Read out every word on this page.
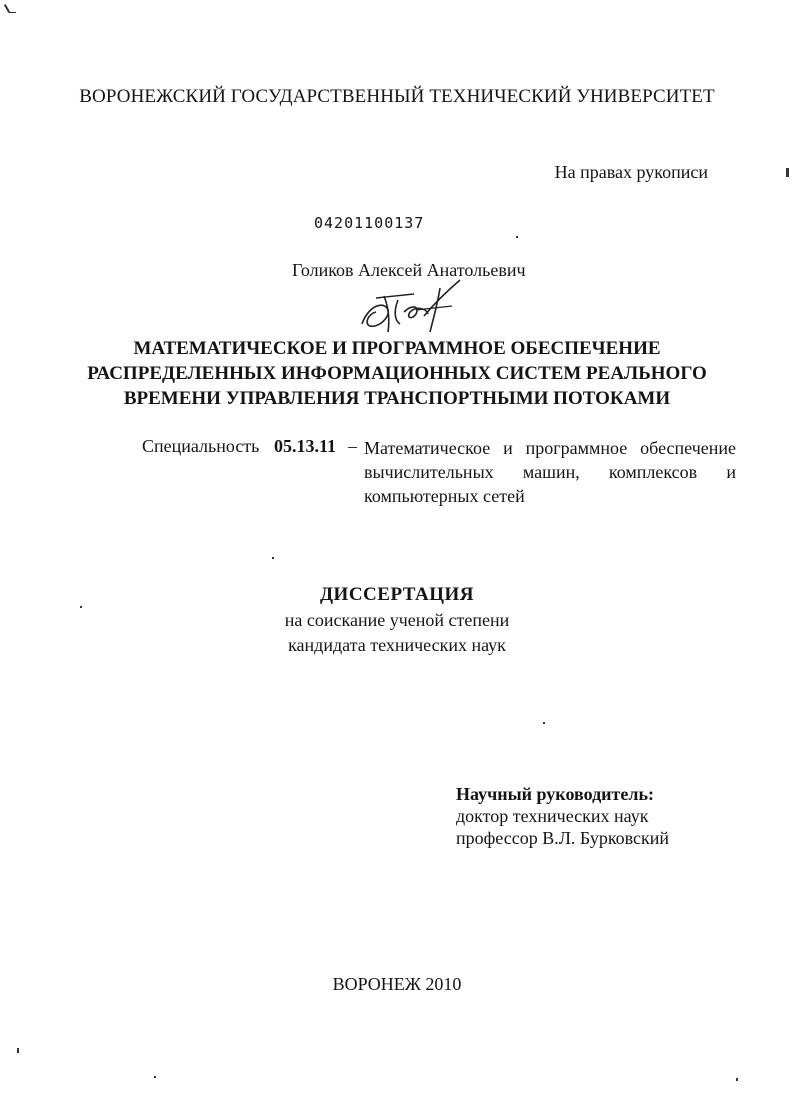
ВОРОНЕЖСКИЙ ГОСУДАРСТВЕННЫЙ ТЕХНИЧЕСКИЙ УНИВЕРСИТЕТ
На правах рукописи
04201100137
Голиков Алексей Анатольевич
МАТЕМАТИЧЕСКОЕ И ПРОГРАММНОЕ ОБЕСПЕЧЕНИЕ
РАСПРЕДЕЛЕННЫХ ИНФОРМАЦИОННЫХ СИСТЕМ РЕАЛЬНОГО
ВРЕМЕНИ УПРАВЛЕНИЯ ТРАНСПОРТНЫМИ ПОТОКАМИ
Специальность 05.13.11 – Математическое и программное обеспечение
вычислительных машин, комплексов и
компьютерных сетей
ДИССЕРТАЦИЯ
на соискание ученой степени
кандидата технических наук
Научный руководитель:
доктор технических наук
профессор В.Л. Бурковский
ВОРОНЕЖ 2010
